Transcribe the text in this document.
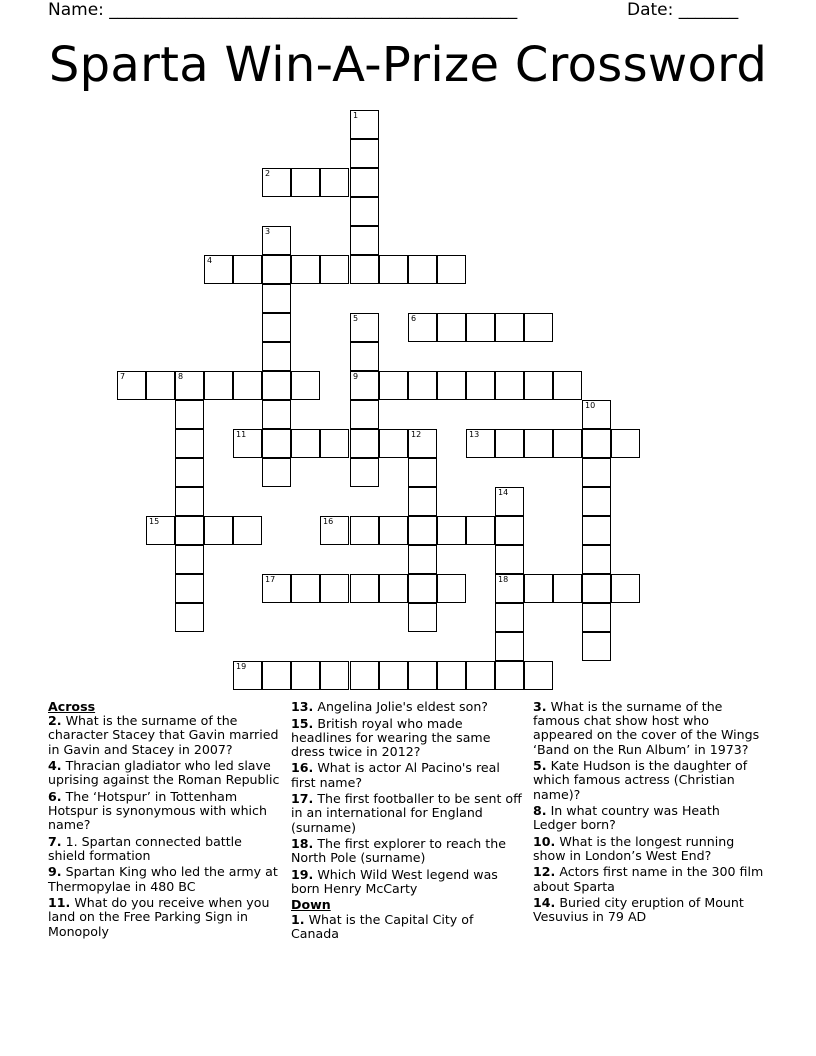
Name: ________________________________________________	Date: _______
Sparta Win-A-Prize Crossword
1
2
3
4
5	6
7	8	9
10
11	12	13
14
15	16
17	18
19
Across
2. What is the surname of the character Stacey that Gavin married in Gavin and Stacey in 2007?
4. Thracian gladiator who led slave uprising against the Roman Republic
6. The ‘Hotspur’ in Tottenham Hotspur is synonymous with which name?
7. 1. Spartan connected battle shield formation
9. Spartan King who led the army at Thermopylae in 480 BC
11. What do you receive when you land on the Free Parking Sign in Monopoly
13. Angelina Jolie's eldest son?
15. British royal who made headlines for wearing the same dress twice in 2012?
16. What is actor Al Pacino's real first name?
17. The first footballer to be sent off in an international for England (surname)
18. The first explorer to reach the North Pole (surname)
19. Which Wild West legend was born Henry McCarty
Down
1. What is the Capital City of Canada
3. What is the surname of the famous chat show host who appeared on the cover of the Wings ‘Band on the Run Album’ in 1973?
5. Kate Hudson is the daughter of which famous actress (Christian name)?
8. In what country was Heath Ledger born?
10. What is the longest running show in London’s West End?
12. Actors first name in the 300 film about Sparta
14. Buried city eruption of Mount Vesuvius in 79 AD
